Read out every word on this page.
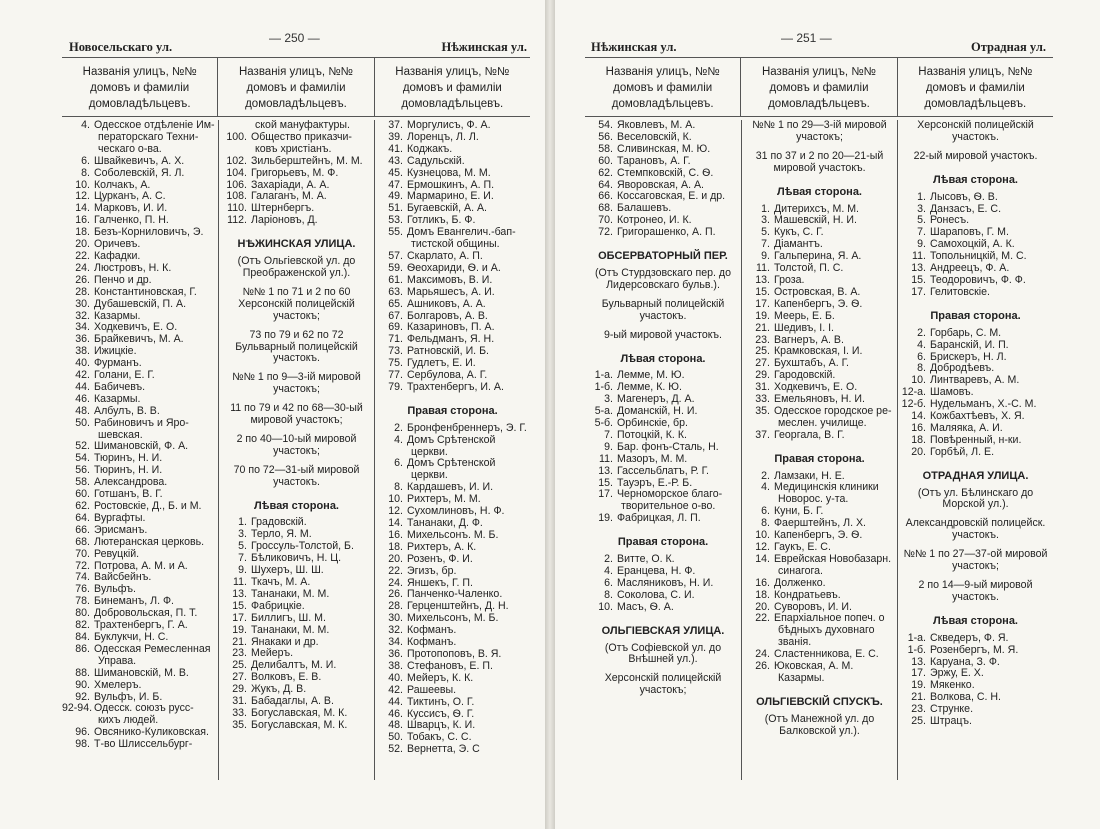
Новосельскаго ул.
— 250 —
Нѣжинская ул.
Названія улицъ, №№
домовъ и фамиліи
домовладѣльцевъ.
Названія улицъ, №№
домовъ и фамиліи
домовладѣльцевъ.
Названія улицъ, №№
домовъ и фамиліи
домовладѣльцевъ.
4. Одесское отдѣленіе Им-
ператорскаго Техни-
ческаго о-ва.
6. Швайкевичъ, А. Х.
8. Соболевскій, Я. Л.
10. Колчакъ, А.
12. Цурканъ, А. С.
14. Марковъ, И. И.
16. Галченко, П. Н.
18. Безъ-Корниловичъ, Э.
20. Оричевъ.
22. Кафадки.
24. Люстровъ, Н. К.
26. Пенчо и др.
28. Константиновская, Г.
30. Дубашевскій, П. А.
32. Казармы.
34. Ходкевичъ, Е. О.
36. Брайкевичъ, М. А.
38. Ижицкіе.
40. Фурманъ.
42. Голани, Е. Г.
44. Бабичевъ.
46. Казармы.
48. Албулъ, В. В.
50. Рабиновичъ и Яро-
шевская.
52. Шимановскій, Ф. А.
54. Тюринъ, Н. И.
56. Тюринъ, Н. И.
58. Александрова.
60. Готшанъ, В. Г.
62. Ростовскіе, Д., Б. и М.
64. Вургафты.
66. Эрисманъ.
68. Лютеранская церковь.
70. Ревуцкій.
72. Потрова, А. М. и А.
74. Вайсбейнъ.
76. Вульфъ.
78. Бинеманъ, Л. Ф.
80. Добровольская, П. Т.
82. Трахтенбергъ, Г. А.
84. Буклукчи, Н. С.
86. Одесская Ремесленная
Управа.
88. Шимановскій, М. В.
90. Хмелеръ.
92. Вульфъ, И. Б.
92-94. Одесск. союзъ русс-
кихъ людей.
96. Овсянико-Куликовская.
98. Т-во Шлиссельбург-
ской мануфактуры.
100. Общество приказчи-
ковъ христіанъ.
102. Зильберштейнъ, М. М.
104. Григорьевъ, М. Ф.
106. Захаріади, А. А.
108. Галаганъ, М. А.
110. Штернбергъ.
112. Ларіоновъ, Д.
НѢЖИНСКАЯ УЛИЦА.
(Отъ Ольгіевской ул. до Преображенской ул.).
№№ 1 по 71 и 2 по 60 Херсонскій полицейскій участокъ;
73 по 79 и 62 по 72 Бульварный полицейскій участокъ.
№№ 1 по 9—3-ій мировой участокъ;
11 по 79 и 42 по 68—30-ый мировой участокъ;
2 по 40—10-ый мировой участокъ;
70 по 72—31-ый мировой участокъ.
Лѣвая сторона.
1. Градовскій.
3. Терло, Я. М.
5. Гроссуль-Толстой, Б.
7. Бѣликовичъ, Н. Ц.
9. Шухеръ, Ш. Ш.
11. Ткачъ, М. А.
13. Тананаки, М. М.
15. Фабрицкіе.
17. Биллигъ, Ш. М.
19. Тананаки, М. М.
21. Янакаки и др.
23. Мейеръ.
25. Делибалтъ, М. И.
27. Волковъ, Е. В.
29. Жукъ, Д. В.
31. Бабадаглы, А. В.
33. Богуславская, М. К.
35. Богуславская, М. К.
37. Моргулисъ, Ф. А.
39. Лоренцъ, Л. Л.
41. Коджакъ.
43. Садульскій.
45. Кузнецова, М. М.
47. Ермошкинъ, А. П.
49. Мармарино, Е. И.
51. Бугаевскій, А. А.
53. Готликъ, Б. Ф.
55. Домъ Евангелич.-бап-
тистской общины.
57. Скарлато, А. П.
59. Ѳеохариди, Ѳ. и А.
61. Максимовъ, В. И.
63. Марьяшесъ, А. И.
65. Ашниковъ, А. А.
67. Болгаровъ, А. В.
69. Казариновъ, П. А.
71. Фельдманъ, Я. Н.
73. Ратновскій, И. Б.
75. Гудлетъ, Е. И.
77. Сербулова, А. Г.
79. Трахтенбергъ, И. А.
Правая сторона.
2. Бронфенбреннеръ, Э. Г.
4. Домъ Срѣтенской
церкви.
6. Домъ Срѣтенской
церкви.
8. Кардашевъ, И. И.
10. Рихтеръ, М. М.
12. Сухомлиновъ, Н. Ф.
14. Тананаки, Д. Ф.
16. Михельсонъ. М. Б.
18. Рихтеръ, А. К.
20. Розенъ, Ф. И.
22. Эгизъ, бр.
24. Яншекъ, Г. П.
26. Панченко-Чаленко.
28. Герценштейнъ, Д. Н.
30. Михельсонъ, М. Б.
32. Кофманъ.
34. Кофманъ.
36. Протопоповъ, В. Я.
38. Стефановъ, Е. П.
40. Мейеръ, К. К.
42. Рашеевы.
44. Тиктинъ, О. Г.
46. Куссисъ, Ѳ. Г.
48. Шварцъ, К. И.
50. Тобакъ, С. С.
52. Вернетта, Э. С
Нѣжинская ул.
— 251 —
Отрадная ул.
Названія улицъ, №№
домовъ и фамиліи
домовладѣльцевъ.
Названія улицъ, №№
домовъ и фамиліи
домовладѣльцевъ.
Названія улицъ, №№
домовъ и фамиліи
домовладѣльцевъ.
54. Яковлевъ, М. А.
56. Веселовскій, К.
58. Сливинская, М. Ю.
60. Тарановъ, А. Г.
62. Стемпковскій, С. Ѳ.
64. Яворовская, А. А.
66. Коссаговская, Е. и др.
68. Балашевъ.
70. Котронео, И. К.
72. Григорашенко, А. П.
ОБСЕРВАТОРНЫЙ ПЕР.
(Отъ Стурдзовскаго пер. до Лидерсовскаго бульв.).
Бульварный полицейскій участокъ.
9-ый мировой участокъ.
Лѣвая сторона.
1-а. Лемме, М. Ю.
1-б. Лемме, К. Ю.
3. Магенеръ, Д. А.
5-а. Доманскій, Н. И.
5-б. Орбинскіе, бр.
7. Потоцкій, К. К.
9. Бар. фонъ-Сталь, Н.
11. Мазоръ, М. М.
13. Гассельблатъ, Р. Г.
15. Тауэръ, Е.-Р. Б.
17. Черноморское благо-
творительное о-во.
19. Фабрицкая, Л. П.
Правая сторона.
2. Витте, О. К.
4. Еранцева, Н. Ф.
6. Масляниковъ, Н. И.
8. Соколова, С. И.
10. Масъ, Ѳ. А.
ОЛЬГІЕВСКАЯ УЛИЦА.
(Отъ Софіевской ул. до Внѣшней ул.).
Херсонскій полицейскій участокъ;
№№ 1 по 29—3-ій мировой участокъ;
31 по 37 и 2 по 20—21-ый мировой участокъ.
Лѣвая сторона.
1. Дитерихсъ, М. М.
3. Машевскій, Н. И.
5. Кукъ, С. Г.
7. Діамантъ.
9. Гальперина, Я. А.
11. Толстой, П. С.
13. Гроза.
15. Островская, В. А.
17. Капенбергъ, Э. Ѳ.
19. Меерь, Е. Б.
21. Шедивъ, І. І.
23. Вагнеръ, А. В.
25. Крамковская, І. И.
27. Бухштабъ, А. Г.
29. Гародовскій.
31. Ходкевичъ, Е. О.
33. Емельяновъ, Н. И.
35. Одесское городское ре-
меслен. училище.
37. Георгала, В. Г.
Правая сторона.
2. Ламзаки, Н. Е.
4. Медицинскія клиники
Новорос. у-та.
6. Куни, Б. Г.
8. Фаерштейнъ, Л. Х.
10. Капенбергъ, Э. Ѳ.
12. Гаукъ, Е. С.
14. Еврейская Новобазарн.
синагога.
16. Долженко.
18. Кондратьевъ.
20. Суворовъ, И. И.
22. Епархіальное попеч. о
бѣдныхъ духовнаго
званія.
24. Сластенникова, Е. С.
26. Юковская, А. М.
Казармы.
ОЛЬГІЕВСКІЙ СПУСКЪ.
(Отъ Манежной ул. до Балковской ул.).
Херсонскій полицейскій участокъ.
22-ый мировой участокъ.
Лѣвая сторона.
1. Лысовъ, Ѳ. В.
3. Данзасъ, Е. С.
5. Ронесъ.
7. Шараповъ, Г. М.
9. Самохоцкій, А. К.
11. Топольницкій, М. С.
13. Андреецъ, Ф. А.
15. Теодоровичъ, Ф. Ф.
17. Гелитовскіе.
Правая сторона.
2. Горбарь, С. М.
4. Баранскій, И. П.
6. Брискеръ, Н. Л.
8. Добродѣевъ.
10. Линтваревъ, А. М.
12-а. Шамовъ.
12-б. Нудельманъ, Х.-С. М.
14. Кожбахтѣевъ, Х. Я.
16. Маляяка, А. И.
18. Повѣренный, н-ки.
20. Горбѣй, Л. Е.
ОТРАДНАЯ УЛИЦА.
(Отъ ул. Бѣлинскаго до Морской ул.).
Александровскій полицейск. участокъ.
№№ 1 по 27—37-ой мировой участокъ;
2 по 14—9-ый мировой участокъ.
Лѣвая сторона.
1-а. Скведеръ, Ф. Я.
1-б. Розенбергъ, М. Я.
13. Каруана, З. Ф.
17. Эржу, Е. Х.
19. Мякенко.
21. Волкова, С. Н.
23. Струнке.
25. Штрацъ.
